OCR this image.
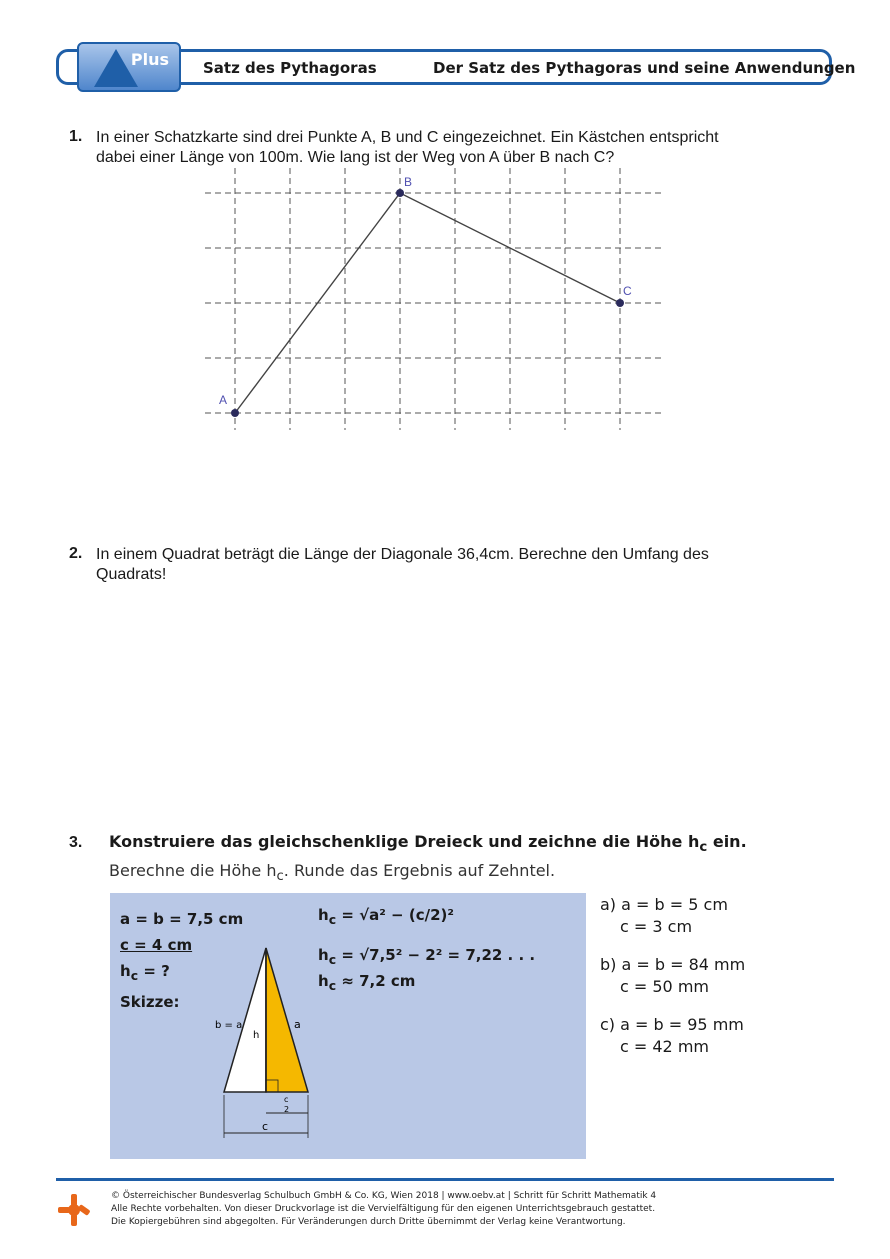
Plus Satz des Pythagoras	Der Satz des Pythagoras und seine Anwendungen
1. In einer Schatzkarte sind drei Punkte A, B und C eingezeichnet. Ein Kästchen entspricht
dabei einer Länge von 100m. Wie lang ist der Weg von A über B nach C?
A
B
C
2. In einem Quadrat beträgt die Länge der Diagonale 36,4cm. Berechne den Umfang des
Quadrats!
3. Konstruiere das gleichschenklige Dreieck und zeichne die Höhe $h_c$ ein.
Berechne die Höhe $h_c$. Runde das Ergebnis auf Zehntel.
a = b = 7,5 cm
c = 4 cm
$h_c$ = ?
Skizze:
$h_c = √a^2 - (c/2)^2$
$h_c = √7,5^2 - 2^2 = 7,22$ . . .
$h_c \approx 7,2$ cm
b = a	a
h
c
2
c
a) a = b = 5 cm
c = 3 cm
b) a = b = 84 mm
c = 50 mm
c) a = b = 95 mm
c = 42 mm
© Österreichischer Bundesverlag Schulbuch GmbH & Co. KG, Wien 2018 | www.oebv.at | Schritt für Schritt Mathematik 4
Alle Rechte vorbehalten. Von dieser Druckvorlage ist die Vervielfältigung für den eigenen Unterrichtsgebrauch gestattet.
Die Kopiergebühren sind abgegolten. Für Veränderungen durch Dritte übernimmt der Verlag keine Verantwortung.
